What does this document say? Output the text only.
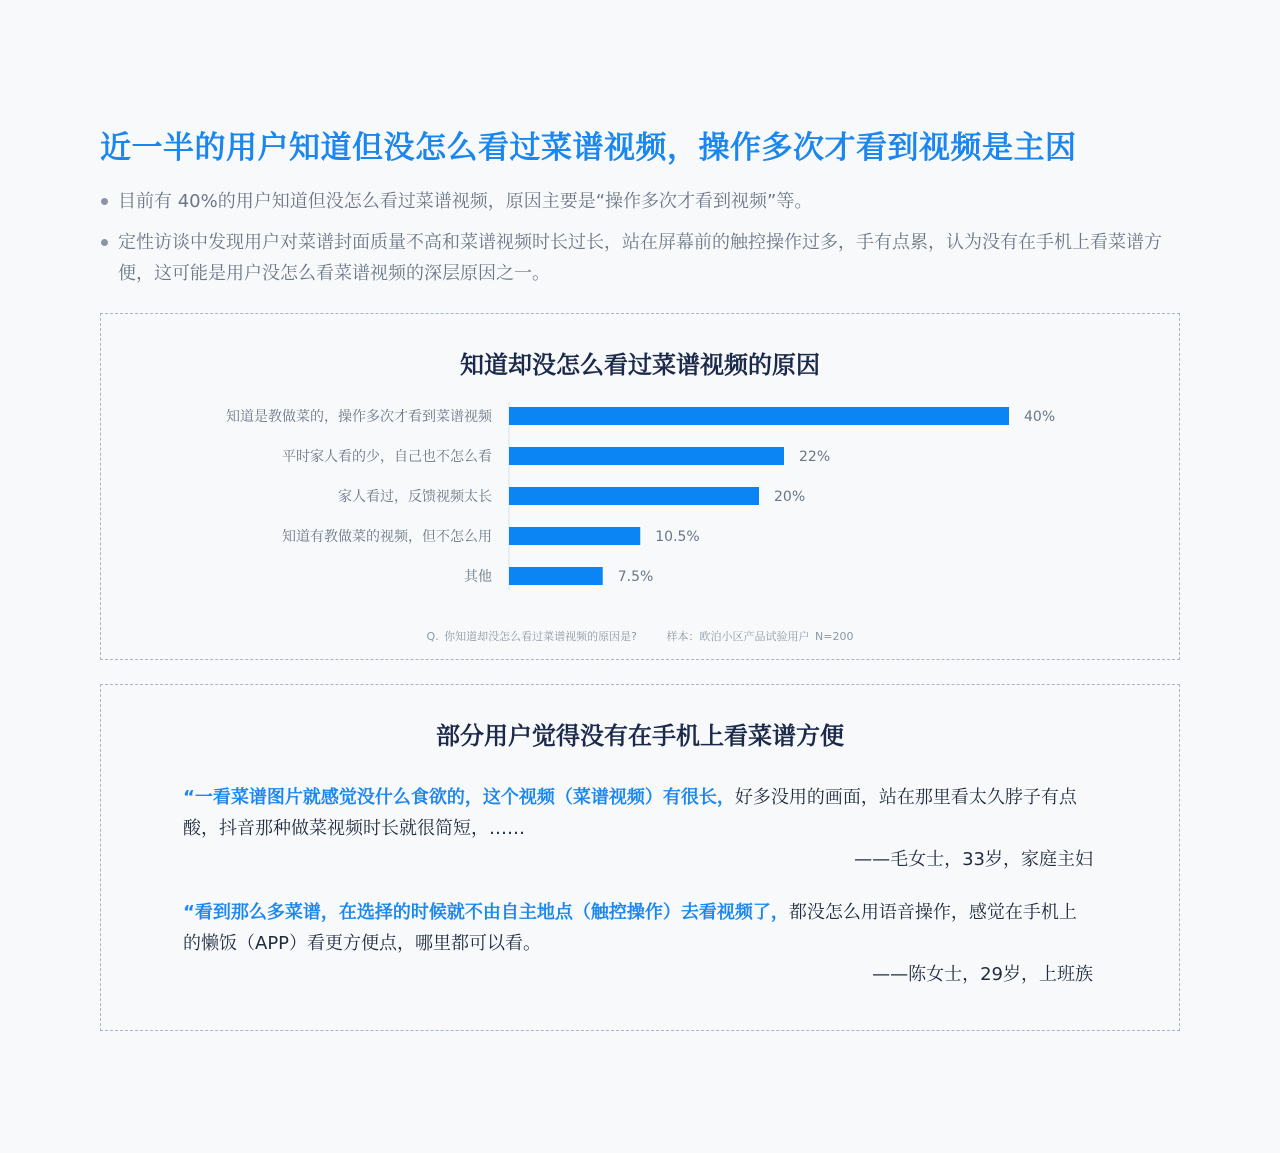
近一半的用户知道但没怎么看过菜谱视频，操作多次才看到视频是主因
目前有 40%的用户知道但没怎么看过菜谱视频，原因主要是“操作多次才看到视频”等。
定性访谈中发现用户对菜谱封面质量不高和菜谱视频时长过长，站在屏幕前的触控操作过多，手有点累，认为没有在手机上看菜谱方便，这可能是用户没怎么看菜谱视频的深层原因之一。
知道是教做菜的，操作多次才看到菜谱视频	40%
平时家人看的少，自己也不怎么看	22%
家人看过，反馈视频太长	20%
知道有教做菜的视频，但不怎么用	10.5%
其他	7.5%
知道却没怎么看过菜谱视频的原因
Q. 你知道却没怎么看过菜谱视频的原因是?	样本：欧泊小区产品试验用户 N=200
部分用户觉得没有在手机上看菜谱方便
“一看菜谱图片就感觉没什么食欲的，这个视频（菜谱视频）有很长，好多没用的画面，站在那里看太久脖子有点酸，抖音那种做菜视频时长就很简短，……
——毛女士，33岁，家庭主妇
“看到那么多菜谱，在选择的时候就不由自主地点（触控操作）去看视频了，都没怎么用语音操作，感觉在手机上的懒饭（APP）看更方便点，哪里都可以看。
——陈女士，29岁，上班族
